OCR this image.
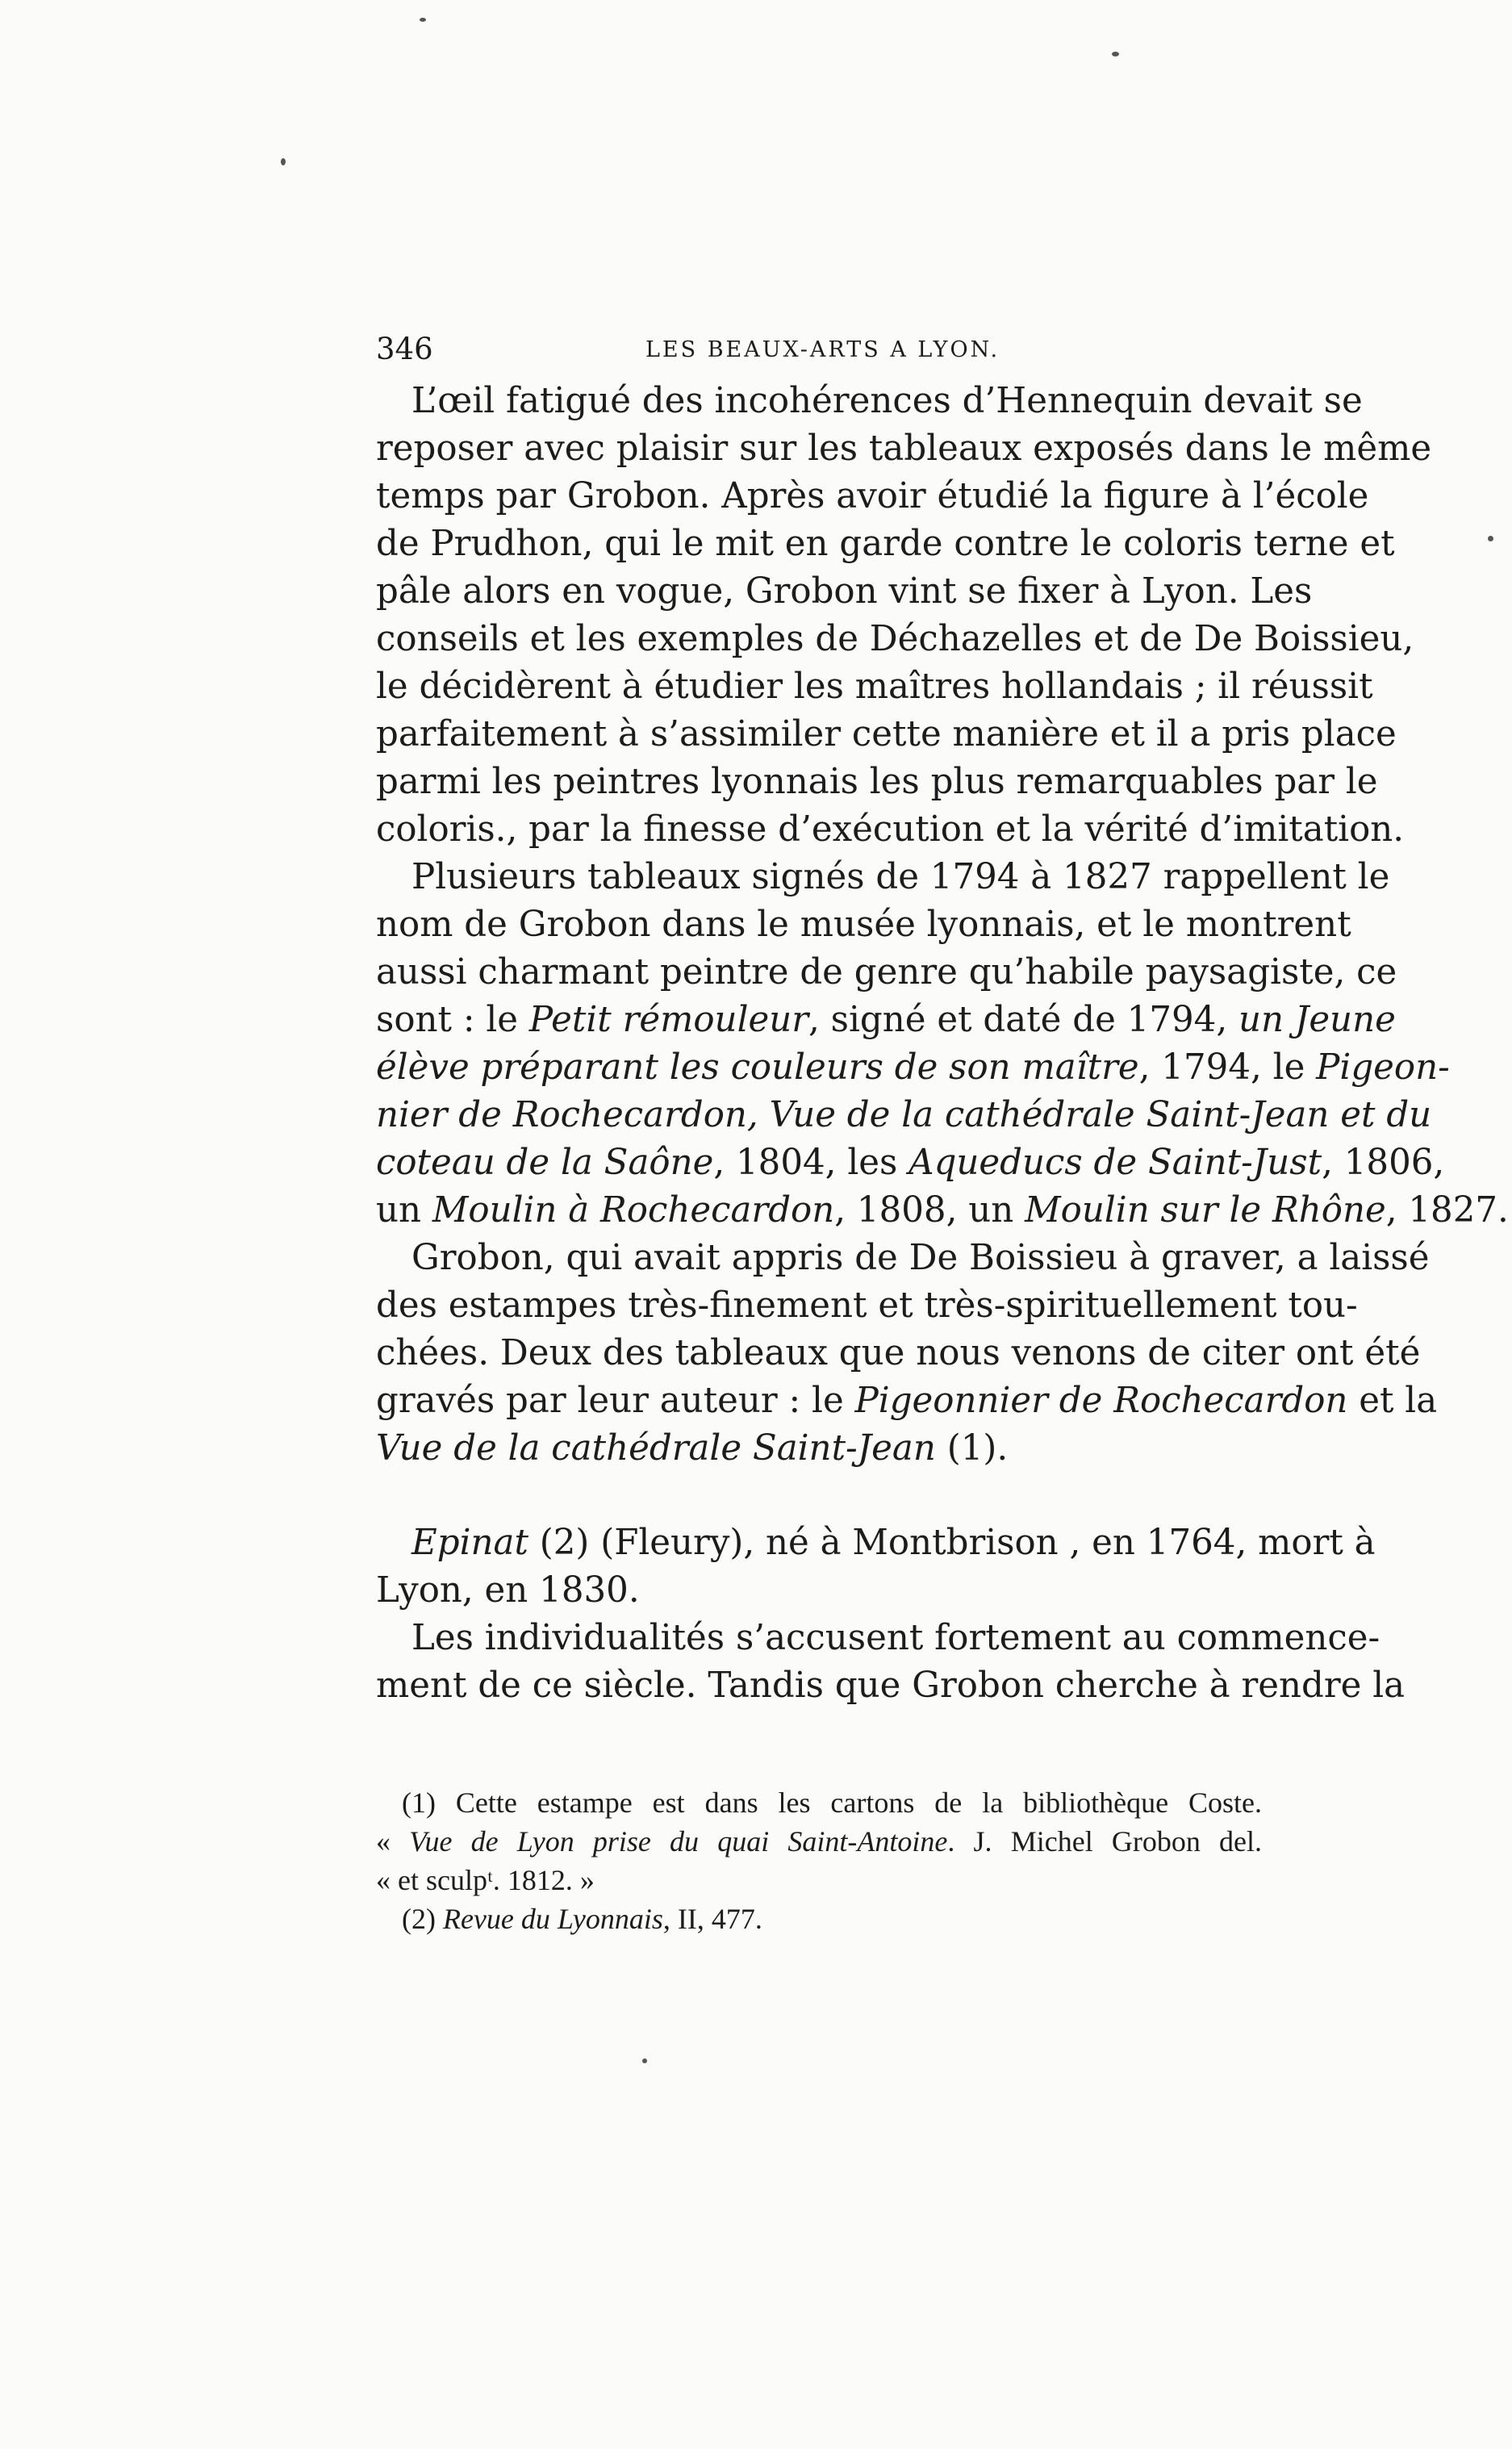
346	LES BEAUX-ARTS A LYON.
L’œil fatigué des incohérences d’Hennequin devait se
reposer avec plaisir sur les tableaux exposés dans le même
temps par Grobon. Après avoir étudié la figure à l’école
de Prudhon, qui le mit en garde contre le coloris terne et
pâle alors en vogue, Grobon vint se fixer à Lyon. Les
conseils et les exemples de Déchazelles et de De Boissieu,
le décidèrent à étudier les maîtres hollandais ; il réussit
parfaitement à s’assimiler cette manière et il a pris place
parmi les peintres lyonnais les plus remarquables par le
coloris., par la finesse d’exécution et la vérité d’imitation.
Plusieurs tableaux signés de 1794 à 1827 rappellent le
nom de Grobon dans le musée lyonnais, et le montrent
aussi charmant peintre de genre qu’habile paysagiste, ce
sont : le Petit rémouleur, signé et daté de 1794, un Jeune
élève préparant les couleurs de son maître, 1794, le Pigeon-
nier de Rochecardon, Vue de la cathédrale Saint-Jean et du
coteau de la Saône, 1804, les Aqueducs de Saint-Just, 1806,
un Moulin à Rochecardon, 1808, un Moulin sur le Rhône, 1827.
Grobon, qui avait appris de De Boissieu à graver, a laissé
des estampes très-finement et très-spirituellement tou-
chées. Deux des tableaux que nous venons de citer ont été
gravés par leur auteur : le Pigeonnier de Rochecardon et la
Vue de la cathédrale Saint-Jean (1).
Epinat (2) (Fleury), né à Montbrison , en 1764, mort à
Lyon, en 1830.
Les individualités s’accusent fortement au commence-
ment de ce siècle. Tandis que Grobon cherche à rendre la
(1) Cette estampe est dans les cartons de la bibliothèque Coste.
« Vue de Lyon prise du quai Saint-Antoine. J. Michel Grobon del.
« et sculpᵗ. 1812. »
(2) Revue du Lyonnais, II, 477.
